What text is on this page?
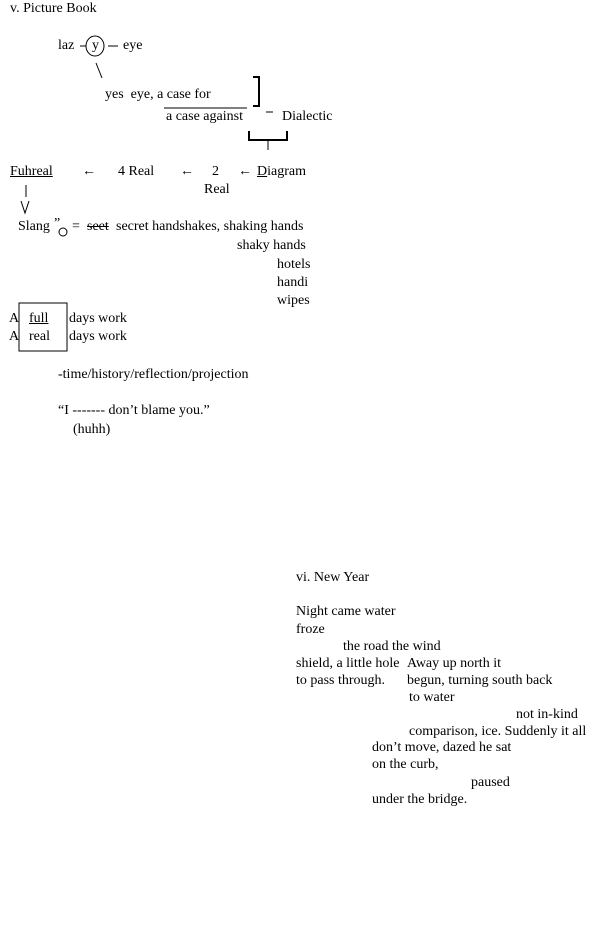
v. Picture Book
laz y eye
yes  eye, a case for
a case against	Dialectic
Fuhreal ← 4 Real ← 2
Real
← Diagram
Slang ” = seet secret handshakes, shaking hands
shaky hands
hotels
handi
wipes
A full days work
A real days work
-time/history/reflection/projection
“I ------- don’t blame you.”
(huhh)
vi. New Year
Night came water
froze
the road the wind
shield, a little hole Away up north it
to pass through. begun, turning south back
to water
not in-kind
comparison, ice. Suddenly it all
don’t move, dazed he sat
on the curb,
paused
under the bridge.
